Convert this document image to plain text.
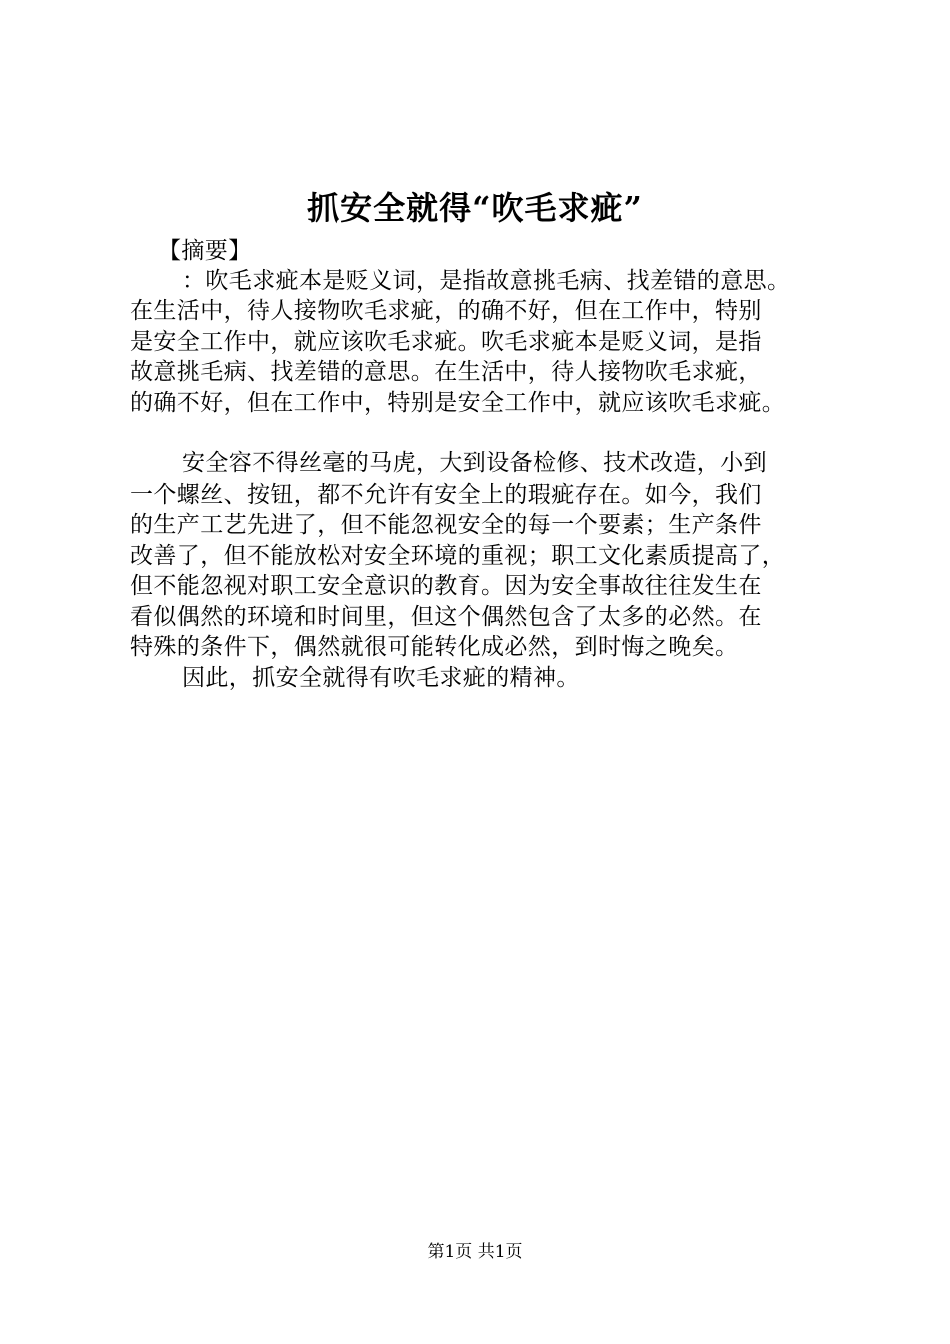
抓安全就得“吹毛求疵”

【摘要】

：吹毛求疵本是贬义词，是指故意挑毛病、找差错的意思。

在生活中，待人接物吹毛求疵，的确不好，但在工作中，特别

是安全工作中，就应该吹毛求疵。吹毛求疵本是贬义词，是指

故意挑毛病、找差错的意思。在生活中，待人接物吹毛求疵，

的确不好，但在工作中，特别是安全工作中，就应该吹毛求疵。

安全容不得丝毫的马虎，大到设备检修、技术改造，小到

一个螺丝、按钮，都不允许有安全上的瑕疵存在。如今，我们

的生产工艺先进了，但不能忽视安全的每一个要素；生产条件

改善了，但不能放松对安全环境的重视；职工文化素质提高了，

但不能忽视对职工安全意识的教育。因为安全事故往往发生在

看似偶然的环境和时间里，但这个偶然包含了太多的必然。在

特殊的条件下，偶然就很可能转化成必然，到时悔之晚矣。

因此，抓安全就得有吹毛求疵的精神。

第1页 共1页
